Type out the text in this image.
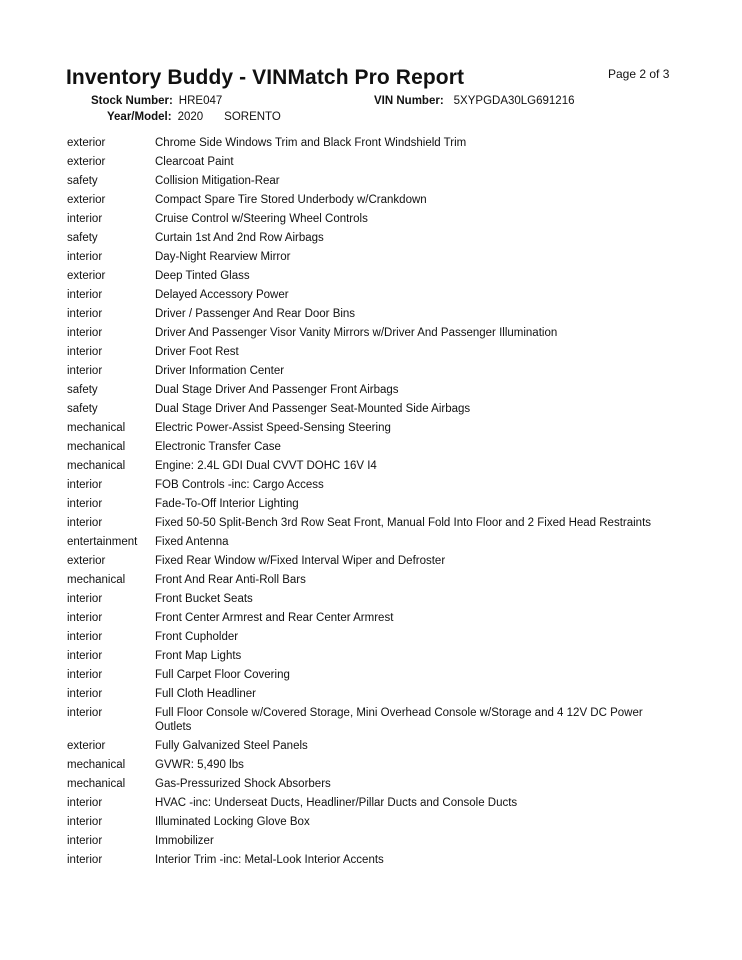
Inventory Buddy - VINMatch Pro Report	Page 2 of 3
Stock Number: HRE047	VIN Number: 5XYPGDA30LG691216
Year/Model: 2020 SORENTO
exterior	Chrome Side Windows Trim and Black Front Windshield Trim
exterior	Clearcoat Paint
safety	Collision Mitigation-Rear
exterior	Compact Spare Tire Stored Underbody w/Crankdown
interior	Cruise Control w/Steering Wheel Controls
safety	Curtain 1st And 2nd Row Airbags
interior	Day-Night Rearview Mirror
exterior	Deep Tinted Glass
interior	Delayed Accessory Power
interior	Driver / Passenger And Rear Door Bins
interior	Driver And Passenger Visor Vanity Mirrors w/Driver And Passenger Illumination
interior	Driver Foot Rest
interior	Driver Information Center
safety	Dual Stage Driver And Passenger Front Airbags
safety	Dual Stage Driver And Passenger Seat-Mounted Side Airbags
mechanical	Electric Power-Assist Speed-Sensing Steering
mechanical	Electronic Transfer Case
mechanical	Engine: 2.4L GDI Dual CVVT DOHC 16V I4
interior	FOB Controls -inc: Cargo Access
interior	Fade-To-Off Interior Lighting
interior	Fixed 50-50 Split-Bench 3rd Row Seat Front, Manual Fold Into Floor and 2 Fixed Head Restraints
entertainment	Fixed Antenna
exterior	Fixed Rear Window w/Fixed Interval Wiper and Defroster
mechanical	Front And Rear Anti-Roll Bars
interior	Front Bucket Seats
interior	Front Center Armrest and Rear Center Armrest
interior	Front Cupholder
interior	Front Map Lights
interior	Full Carpet Floor Covering
interior	Full Cloth Headliner
interior	Full Floor Console w/Covered Storage, Mini Overhead Console w/Storage and 4 12V DC Power Outlets
exterior	Fully Galvanized Steel Panels
mechanical	GVWR: 5,490 lbs
mechanical	Gas-Pressurized Shock Absorbers
interior	HVAC -inc: Underseat Ducts, Headliner/Pillar Ducts and Console Ducts
interior	Illuminated Locking Glove Box
interior	Immobilizer
interior	Interior Trim -inc: Metal-Look Interior Accents
